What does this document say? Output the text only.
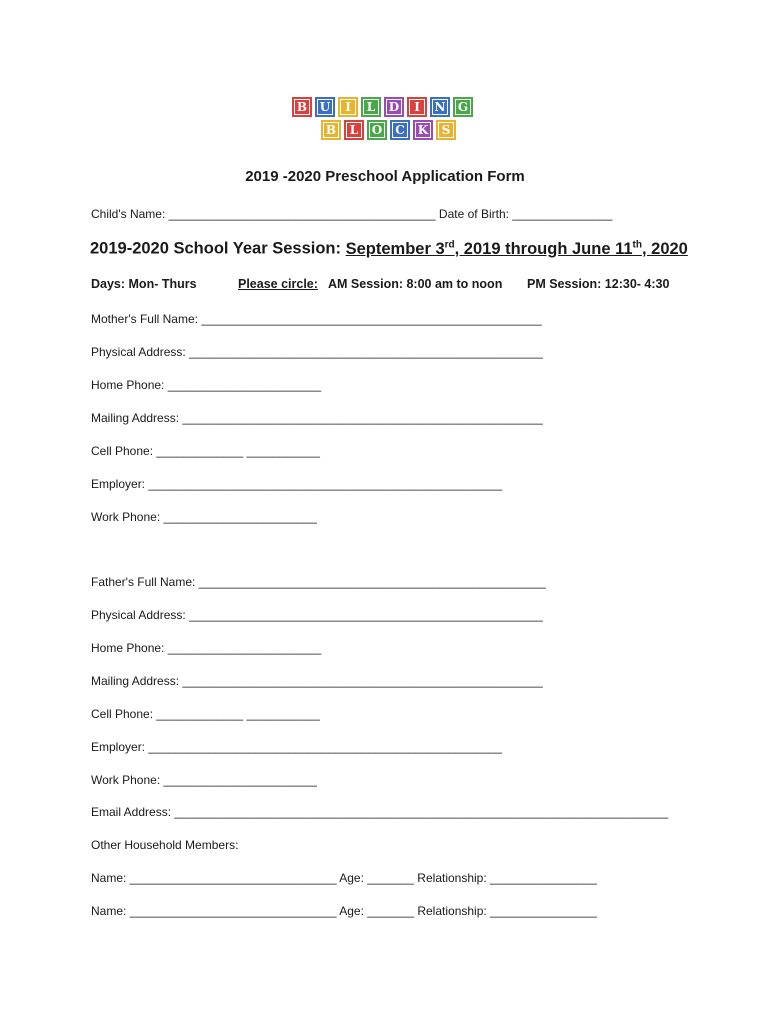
B U	I	L D	I	N G
B L O C K S
2019 -2020 Preschool Application Form
Child's Name: ________________________________________ Date of Birth: _______________
2019-2020 School Year Session: September 3rd, 2019 through June 11th, 2020
Days: Mon- Thurs	Please circle: AM Session: 8:00 am to noon PM Session: 12:30- 4:30
Mother's Full Name: ___________________________________________________
Physical Address: _____________________________________________________
Home Phone: _______________________
Mailing Address: ______________________________________________________
Cell Phone: _____________ ___________
Employer: _____________________________________________________
Work Phone: _______________________
Father's Full Name: ____________________________________________________
Physical Address: _____________________________________________________
Home Phone: _______________________
Mailing Address: ______________________________________________________
Cell Phone: _____________ ___________
Employer: _____________________________________________________
Work Phone: _______________________
Email Address: __________________________________________________________________________
Other Household Members:
Name: _______________________________ Age: _______ Relationship: ________________
Name: _______________________________ Age: _______ Relationship: ________________
